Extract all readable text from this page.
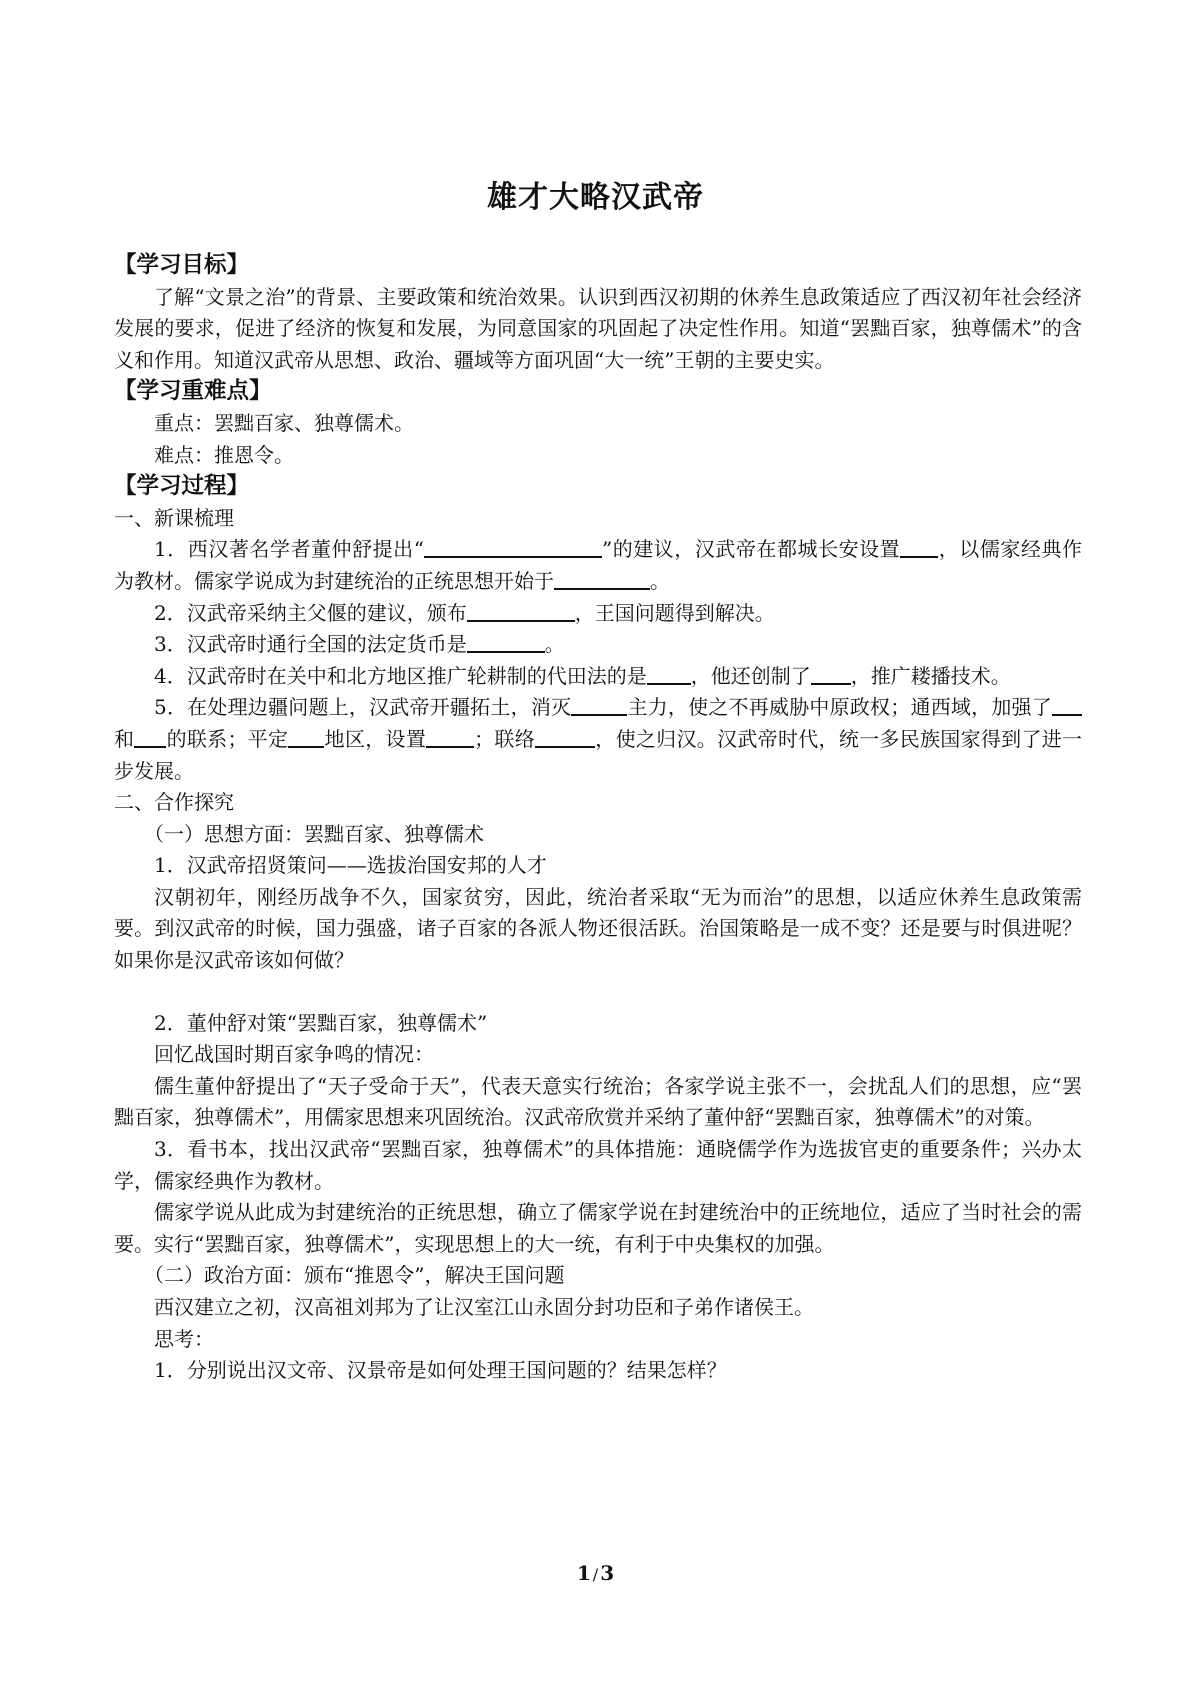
雄才大略汉武帝

【学习目标】

了解“文景之治”的背景、主要政策和统治效果。认识到西汉初期的休养生息政策适应了西汉初年社会经济发展的要求，促进了经济的恢复和发展，为同意国家的巩固起了决定性作用。知道“罢黜百家，独尊儒术”的含义和作用。知道汉武帝从思想、政治、疆域等方面巩固“大一统”王朝的主要史实。

【学习重难点】

重点：罢黜百家、独尊儒术。

难点：推恩令。

【学习过程】

一、新课梳理

1．西汉著名学者董仲舒提出“	”的建议，汉武帝在都城长安设置 ，以儒家经典作为教材。儒家学说成为封建统治的正统思想开始于	。

2．汉武帝采纳主父偃的建议，颁布	，王国问题得到解决。

3．汉武帝时通行全国的法定货币是	。

4．汉武帝时在关中和北方地区推广轮耕制的代田法的是 ，他还创制了 ，推广耧播技术。

5．在处理边疆问题上，汉武帝开疆拓土，消灭	主力，使之不再威胁中原政权；通西域，加强了和 的联系；平定 地区，设置 ；联络	，使之归汉。汉武帝时代，统一多民族国家得到了进一步发展。

二、合作探究

（一）思想方面：罢黜百家、独尊儒术

1．汉武帝招贤策问——选拔治国安邦的人才

汉朝初年，刚经历战争不久，国家贫穷，因此，统治者采取“无为而治”的思想，以适应休养生息政策需要。到汉武帝的时候，国力强盛，诸子百家的各派人物还很活跃。治国策略是一成不变？还是要与时俱进呢？如果你是汉武帝该如何做？

2．董仲舒对策“罢黜百家，独尊儒术”

回忆战国时期百家争鸣的情况：

儒生董仲舒提出了“天子受命于天”，代表天意实行统治；各家学说主张不一，会扰乱人们的思想，应“罢黜百家，独尊儒术”，用儒家思想来巩固统治。汉武帝欣赏并采纳了董仲舒“罢黜百家，独尊儒术”的对策。

3．看书本，找出汉武帝“罢黜百家，独尊儒术”的具体措施：通晓儒学作为选拔官吏的重要条件；兴办太学，儒家经典作为教材。

儒家学说从此成为封建统治的正统思想，确立了儒家学说在封建统治中的正统地位，适应了当时社会的需要。实行“罢黜百家，独尊儒术”，实现思想上的大一统，有利于中央集权的加强。

（二）政治方面：颁布“推恩令”，解决王国问题

西汉建立之初，汉高祖刘邦为了让汉室江山永固分封功臣和子弟作诸侯王。

思考：

1．分别说出汉文帝、汉景帝是如何处理王国问题的？结果怎样？

1 / 3
